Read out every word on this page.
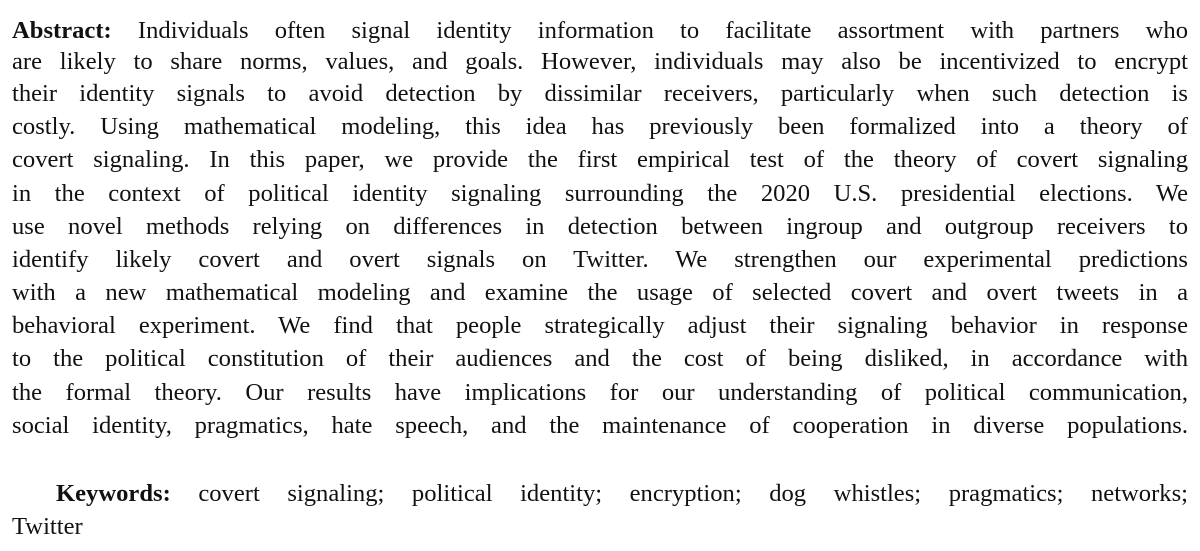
Abstract: Individuals often signal identity information to facilitate assortment with partners who
are likely to share norms, values, and goals. However, individuals may also be incentivized to encrypt
their identity signals to avoid detection by dissimilar receivers, particularly when such detection is
costly. Using mathematical modeling, this idea has previously been formalized into a theory of
covert signaling. In this paper, we provide the first empirical test of the theory of covert signaling
in the context of political identity signaling surrounding the 2020 U.S. presidential elections. We
use novel methods relying on differences in detection between ingroup and outgroup receivers to
identify likely covert and overt signals on Twitter. We strengthen our experimental predictions
with a new mathematical modeling and examine the usage of selected covert and overt tweets in a
behavioral experiment. We find that people strategically adjust their signaling behavior in response
to the political constitution of their audiences and the cost of being disliked, in accordance with
the formal theory. Our results have implications for our understanding of political communication,
social identity, pragmatics, hate speech, and the maintenance of cooperation in diverse populations.
Keywords: covert signaling; political identity; encryption; dog whistles; pragmatics; networks;
Twitter
